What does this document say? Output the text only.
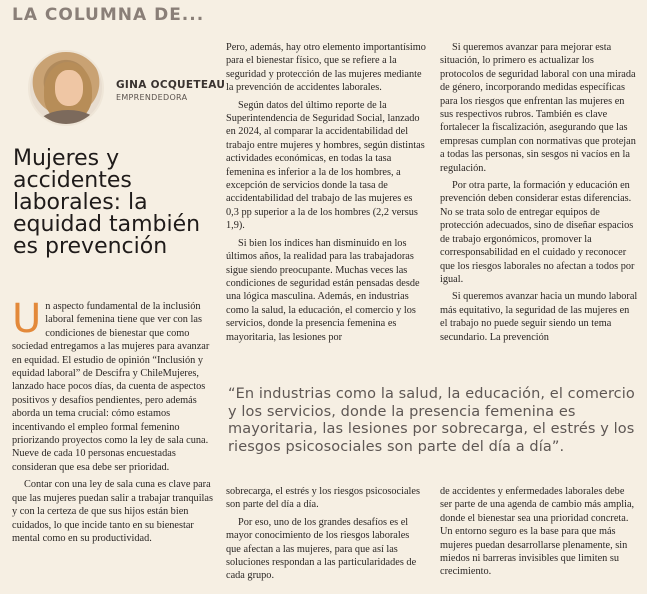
LA COLUMNA DE...
GINA OCQUETEAU
EMPRENDEDORA
Mujeres y accidentes laborales: la equidad también es prevención

Un aspecto fundamental de la inclusión laboral femenina tiene que ver con las condiciones de bienestar que como sociedad entregamos a las mujeres para avanzar en equidad. El estudio de opinión “Inclusión y equidad laboral” de Descifra y ChileMujeres, lanzado hace pocos días, da cuenta de aspectos positivos y desafíos pendientes, pero además aborda un tema crucial: cómo estamos incentivando el empleo formal femenino priorizando proyectos como la ley de sala cuna. Nueve de cada 10 personas encuestadas consideran que esa debe ser prioridad.

Contar con una ley de sala cuna es clave para que las mujeres puedan salir a trabajar tranquilas y con la certeza de que sus hijos están bien cuidados, lo que incide tanto en su bienestar mental como en su productividad.

Pero, además, hay otro elemento importantísimo para el bienestar físico, que se refiere a la seguridad y protección de las mujeres mediante la prevención de accidentes laborales.

Según datos del último reporte de la Superintendencia de Seguridad Social, lanzado en 2024, al comparar la accidentabilidad del trabajo entre mujeres y hombres, según distintas actividades económicas, en todas la tasa femenina es inferior a la de los hombres, a excepción de servicios donde la tasa de accidentabilidad del trabajo de las mujeres es 0,3 pp superior a la de los hombres (2,2 versus 1,9).

Si bien los índices han disminuido en los últimos años, la realidad para las trabajadoras sigue siendo preocupante. Muchas veces las condiciones de seguridad están pensadas desde una lógica masculina. Además, en industrias como la salud, la educación, el comercio y los servicios, donde la presencia femenina es mayoritaria, las lesiones por

Si queremos avanzar para mejorar esta situación, lo primero es actualizar los protocolos de seguridad laboral con una mirada de género, incorporando medidas específicas para los riesgos que enfrentan las mujeres en sus respectivos rubros. También es clave fortalecer la fiscalización, asegurando que las empresas cumplan con normativas que protejan a todas las personas, sin sesgos ni vacíos en la regulación.

Por otra parte, la formación y educación en prevención deben considerar estas diferencias. No se trata solo de entregar equipos de protección adecuados, sino de diseñar espacios de trabajo ergonómicos, promover la corresponsabilidad en el cuidado y reconocer que los riesgos laborales no afectan a todos por igual.

Si queremos avanzar hacia un mundo laboral más equitativo, la seguridad de las mujeres en el trabajo no puede seguir siendo un tema secundario. La prevención

“En industrias como la salud, la educación, el comercio y los servicios, donde la presencia femenina es mayoritaria, las lesiones por sobrecarga, el estrés y los riesgos psicosociales son parte del día a día”.

sobrecarga, el estrés y los riesgos psicosociales son parte del día a día.

Por eso, uno de los grandes desafíos es el mayor conocimiento de los riesgos laborales que afectan a las mujeres, para que así las soluciones respondan a las particularidades de cada grupo.

de accidentes y enfermedades laborales debe ser parte de una agenda de cambio más amplia, donde el bienestar sea una prioridad concreta. Un entorno seguro es la base para que más mujeres puedan desarrollarse plenamente, sin miedos ni barreras invisibles que limiten su crecimiento.
